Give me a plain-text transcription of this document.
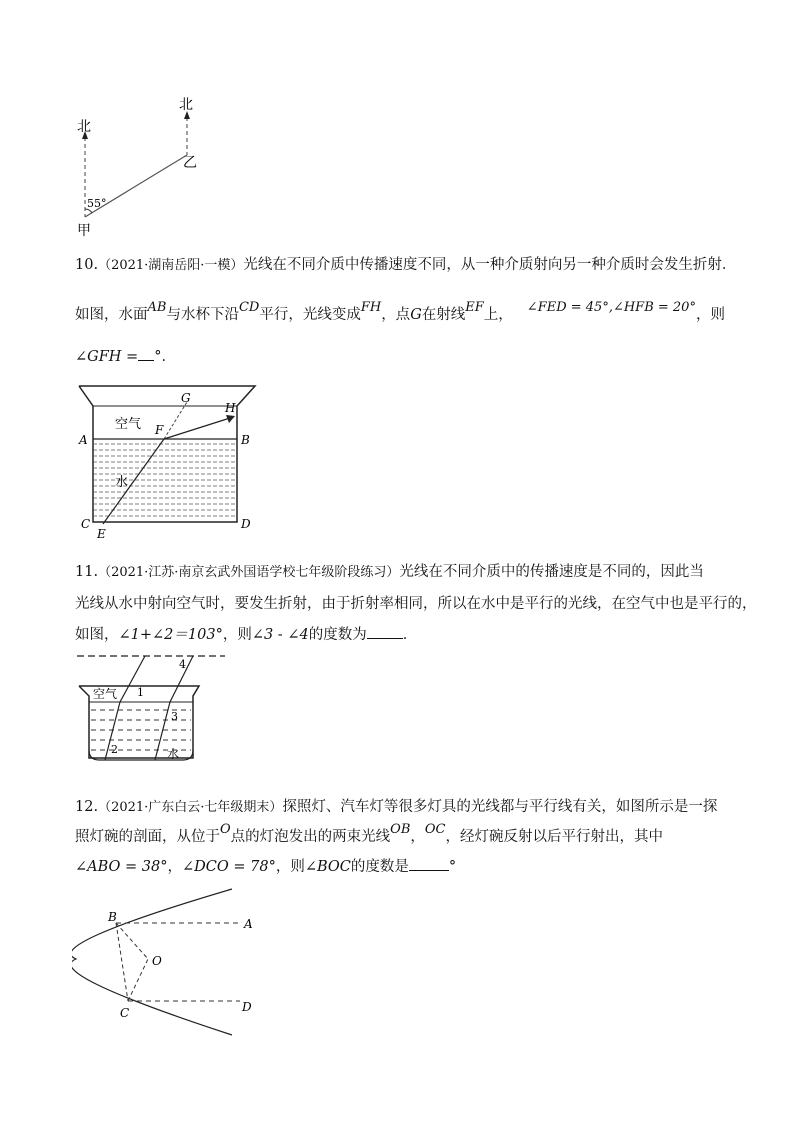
北
北
乙
甲
55°
10.（2021·湖南岳阳·一模）光线在不同介质中传播速度不同，从一种介质射向另一种介质时会发生折射．
如图，水面AB与水杯下沿CD平行，光线变成FH，点G在射线EF上， ∠FED = 45°,∠HFB = 20°，则
∠GFH = °．
A	B
C	D
E
F
G
H
空气
水
11.（2021·江苏·南京玄武外国语学校七年级阶段练习）光线在不同介质中的传播速度是不同的，因此当
光线从水中射向空气时，要发生折射，由于折射率相同，所以在水中是平行的光线，在空气中也是平行的，
如图，∠1+∠2＝103°，则∠3 - ∠4的度数为 ．
空气
水
1
2
3
4
12.（2021·广东白云·七年级期末）探照灯、汽车灯等很多灯具的光线都与平行线有关，如图所示是一探
照灯碗的剖面，从位于O点的灯泡发出的两束光线OB，OC，经灯碗反射以后平行射出，其中
∠ABO = 38°，∠DCO = 78°，则∠BOC的度数是	°
A
B
C	D
O
